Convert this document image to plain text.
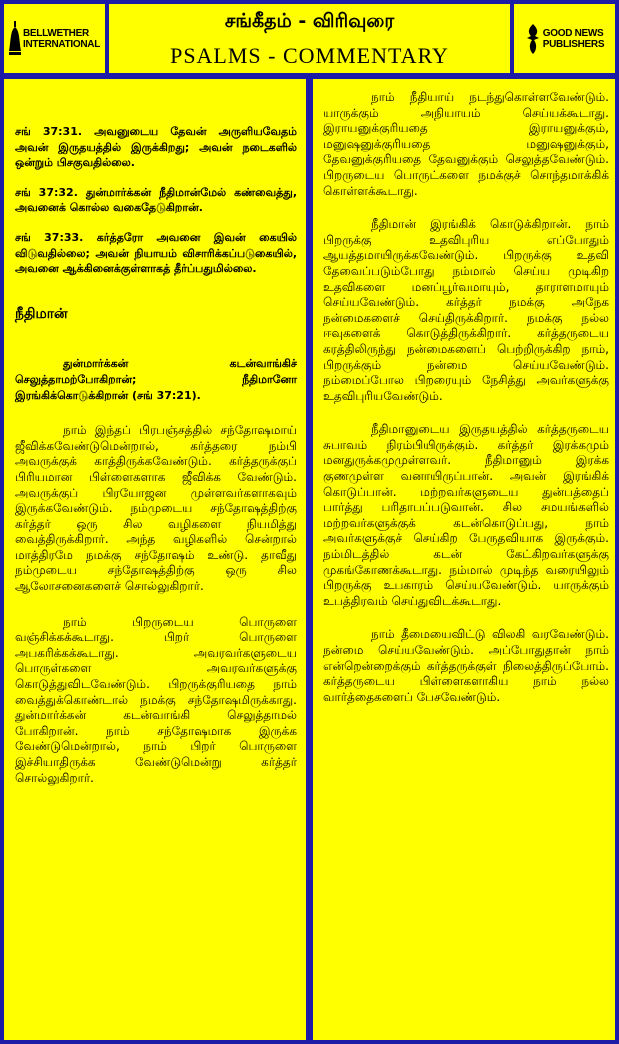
BELLWETHER
INTERNATIONAL
சங்கீதம் - விரிவுரை
PSALMS - COMMENTARY
GOOD NEWS
PUBLISHERS

சங் 37:31. அவனுடைய தேவன் அருளியவேதம் அவன் இருதயத்தில் இருக்கிறது; அவன் நடைகளில் ஒன்றும் பிசகுவதில்லை.

சங் 37:32. துன்மார்க்கன் நீதிமான்மேல் கண்வைத்து, அவனைக் கொல்ல வகைதேடுகிறான்.

சங் 37:33. கர்த்தரோ அவனை இவன் கையில் விடுவதில்லை; அவன் நியாயம் விசாரிக்கப்படுகையில், அவனை ஆக்கினைக்குள்ளாகத் தீர்ப்பதுமில்லை.

நீதிமான்

துன்மார்க்கன் கடன்வாங்கிச் செலுத்தாமற்போகிறான்; நீதிமானோ இரங்கிக்கொடுக்கிறான் (சங் 37:21).

நாம் இந்தப் பிரபஞ்சத்தில் சந்தோஷமாய் ஜீவிக்கவேண்டுமென்றால், கர்த்தரை நம்பி அவருக்குக் காத்திருக்கவேண்டும். கர்த்தருக்குப் பிரியமான பிள்ளைகளாக ஜீவிக்க வேண்டும். அவருக்குப் பிரயோஜன முள்ளவர்களாகவும் இருக்கவேண்டும். நம்முடைய சந்தோஷத்திற்கு கர்த்தர் ஒரு சில வழிகளை நியமித்து வைத்திருக்கிறார். அந்த வழிகளில் சென்றால் மாத்திரமே நமக்கு சந்தோஷம் உண்டு. தாவீது நம்முடைய சந்தோஷத்திற்கு ஒரு சில ஆலோசனைகளைச் சொல்லுகிறார்.

நாம் பிறருடைய பொருளை வஞ்சிக்கக்கூடாது. பிறர் பொருளை அபகரிக்கக்கூடாது. அவரவர்களுடைய பொருள்களை அவரவர்களுக்கு கொடுத்துவிடவேண்டும். பிறருக்குரியதை நாம் வைத்துக்கொண்டால் நமக்கு சந்தோஷமிருக்காது. துன்மார்க்கன் கடன்வாங்கி செலுத்தாமல் போகிறான். நாம் சந்தோஷமாக இருக்க வேண்டுமென்றால், நாம் பிறர் பொருளை இச்சியாதிருக்க வேண்டுமென்று கர்த்தர் சொல்லுகிறார்.

நாம் நீதியாய் நடந்துகொள்ளவேண்டும். யாருக்கும் அநியாயம் செய்யக்கூடாது. இராயனுக்குரியதை இராயனுக்கும், மனுஷனுக்குரியதை மனுஷனுக்கும், தேவனுக்குரியதை தேவனுக்கும் செலுத்தவேண்டும். பிறருடைய பொருட்களை நமக்குச் சொந்தமாக்கிக் கொள்ளக்கூடாது.

நீதிமான் இரங்கிக் கொடுக்கிறான். நாம் பிறருக்கு உதவிபுரிய எப்போதும் ஆயத்தமாயிருக்கவேண்டும். பிறருக்கு உதவி தேவைப்படும்போது நம்மால் செய்ய முடிகிற உதவிகளை மனப்பூர்வமாயும், தாராளமாயும் செய்யவேண்டும். கர்த்தர் நமக்கு அநேக நன்மைகளைச் செய்திருக்கிறார். நமக்கு நல்ல ஈவுகளைக் கொடுத்திருக்கிறார். கர்த்தருடைய கரத்திலிருந்து நன்மைகளைப் பெற்றிருக்கிற நாம், பிறருக்கும் நன்மை செய்யவேண்டும். நம்மைப்போல பிறரையும் நேசித்து அவர்களுக்கு உதவிபுரியவேண்டும்.

நீதிமானுடைய இருதயத்தில் கர்த்தருடைய சுபாவம் நிரம்பியிருக்கும். கர்த்தர் இரக்கமும் மனதுருக்கமுமுள்ளவர். நீதிமானும் இரக்க குணமுள்ள வனாயிருப்பான். அவன் இரங்கிக் கொடுப்பான். மற்றவர்களுடைய துன்பத்தைப் பார்த்து பரிதாபப்படுவான். சில சமயங்களில் மற்றவர்களுக்குக் கடன்கொடுப்பது, நாம் அவர்களுக்குச் செய்கிற பேருதவியாக இருக்கும். நம்மிடத்தில் கடன் கேட்கிறவர்களுக்கு முகங்கோணக்கூடாது. நம்மால் முடிந்த வரையிலும் பிறருக்கு உபகாரம் செய்யவேண்டும். யாருக்கும் உபத்திரவம் செய்துவிடக்கூடாது.

நாம் தீமையைவிட்டு விலகி வரவேண்டும். நன்மை செய்யவேண்டும். அப்போதுதான் நாம் என்றென்றைக்கும் கர்த்தருக்குள் நிலைத்திருப்போம். கர்த்தருடைய பிள்ளைகளாகிய நாம் நல்ல வார்த்தைகளைப் பேசவேண்டும்.
